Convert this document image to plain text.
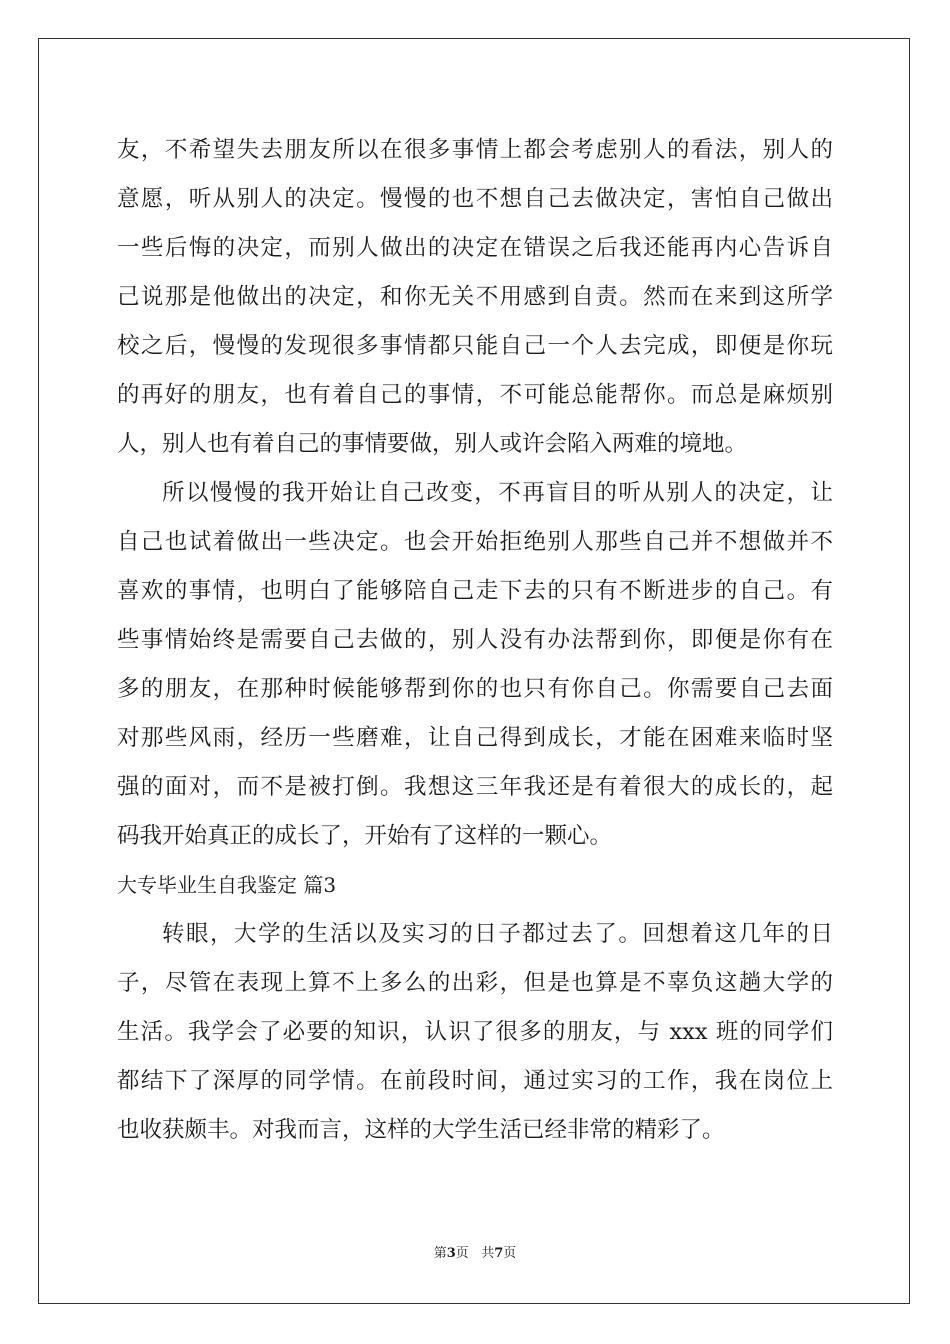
友，不希望失去朋友所以在很多事情上都会考虑别人的看法，别人的
意愿，听从别人的决定。慢慢的也不想自己去做决定，害怕自己做出
一些后悔的决定，而别人做出的决定在错误之后我还能再内心告诉自
己说那是他做出的决定，和你无关不用感到自责。然而在来到这所学
校之后，慢慢的发现很多事情都只能自己一个人去完成，即便是你玩
的再好的朋友，也有着自己的事情，不可能总能帮你。而总是麻烦别
人，别人也有着自己的事情要做，别人或许会陷入两难的境地。
所以慢慢的我开始让自己改变，不再盲目的听从别人的决定，让
自己也试着做出一些决定。也会开始拒绝别人那些自己并不想做并不
喜欢的事情，也明白了能够陪自己走下去的只有不断进步的自己。有
些事情始终是需要自己去做的，别人没有办法帮到你，即便是你有在
多的朋友，在那种时候能够帮到你的也只有你自己。你需要自己去面
对那些风雨，经历一些磨难，让自己得到成长，才能在困难来临时坚
强的面对，而不是被打倒。我想这三年我还是有着很大的成长的，起
码我开始真正的成长了，开始有了这样的一颗心。
大专毕业生自我鉴定 篇3
转眼，大学的生活以及实习的日子都过去了。回想着这几年的日
子，尽管在表现上算不上多么的出彩，但是也算是不辜负这趟大学的
生活。我学会了必要的知识，认识了很多的朋友，与 xxx 班的同学们
都结下了深厚的同学情。在前段时间，通过实习的工作，我在岗位上
也收获颇丰。对我而言，这样的大学生活已经非常的精彩了。
第3页 共7页
